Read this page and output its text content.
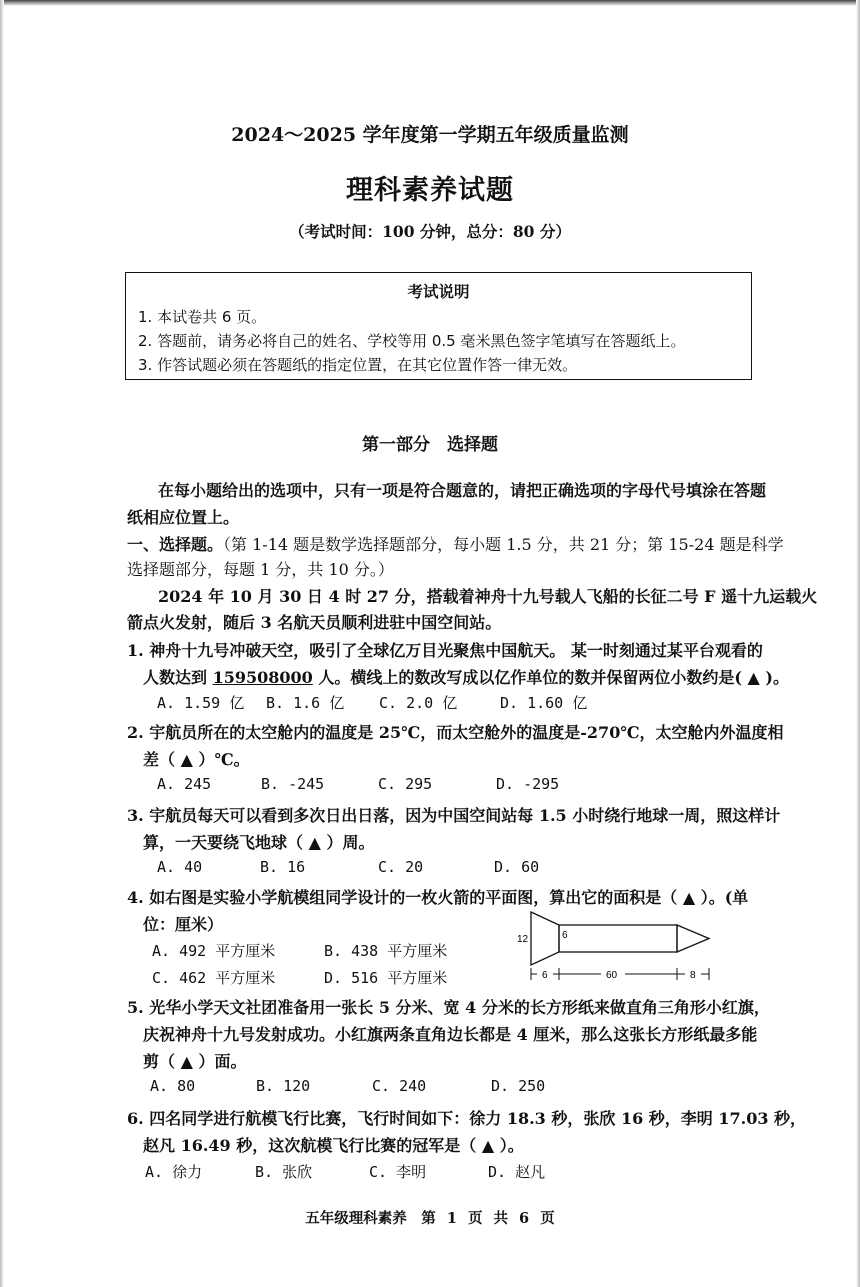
2024～2025 学年度第一学期五年级质量监测
理科素养试题
（考试时间：100 分钟，总分：80 分）
考试说明
1. 本试卷共 6 页。
2. 答题前，请务必将自己的姓名、学校等用 0.5 毫米黑色签字笔填写在答题纸上。
3. 作答试题必须在答题纸的指定位置，在其它位置作答一律无效。
第一部分　选择题
在每小题给出的选项中，只有一项是符合题意的，请把正确选项的字母代号填涂在答题
纸相应位置上。
一、选择题。（第 1-14 题是数学选择题部分，每小题 1.5 分，共 21 分；第 15-24 题是科学
选择题部分，每题 1 分，共 10 分。）
2024 年 10 月 30 日 4 时 27 分，搭载着神舟十九号载人飞船的长征二号 F 遥十九运载火
箭点火发射，随后 3 名航天员顺利进驻中国空间站。
1. 神舟十九号冲破天空，吸引了全球亿万目光聚焦中国航天。 某一时刻通过某平台观看的
人数达到 159508000 人。横线上的数改写成以亿作单位的数并保留两位小数约是( ▲ )。
A. 1.59 亿 B. 1.6 亿 C. 2.0 亿	D. 1.60 亿
2. 宇航员所在的太空舱内的温度是 25℃，而太空舱外的温度是-270℃，太空舱内外温度相
差（ ▲ ）℃。
A. 245	B. -245	C. 295	D. -295
3. 宇航员每天可以看到多次日出日落，因为中国空间站每 1.5 小时绕行地球一周，照这样计
算，一天要绕飞地球（ ▲ ）周。
A. 40	B. 16	C. 20	D. 60
4. 如右图是实验小学航模组同学设计的一枚火箭的平面图，算出它的面积是（ ▲ ）。(单
位：厘米）
A. 492 平方厘米	B. 438 平方厘米
C. 462 平方厘米	D. 516 平方厘米
12	6
6	60	8
5. 光华小学天文社团准备用一张长 5 分米、宽 4 分米的长方形纸来做直角三角形小红旗，
庆祝神舟十九号发射成功。小红旗两条直角边长都是 4 厘米，那么这张长方形纸最多能
剪（ ▲ ）面。
A. 80	B. 120	C. 240	D. 250
6. 四名同学进行航模飞行比赛，飞行时间如下：徐力 18.3 秒，张欣 16 秒，李明 17.03 秒，
赵凡 16.49 秒，这次航模飞行比赛的冠军是（ ▲ ）。
A. 徐力	B. 张欣	C. 李明	D. 赵凡
五年级理科素养　第 1 页 共 6 页
